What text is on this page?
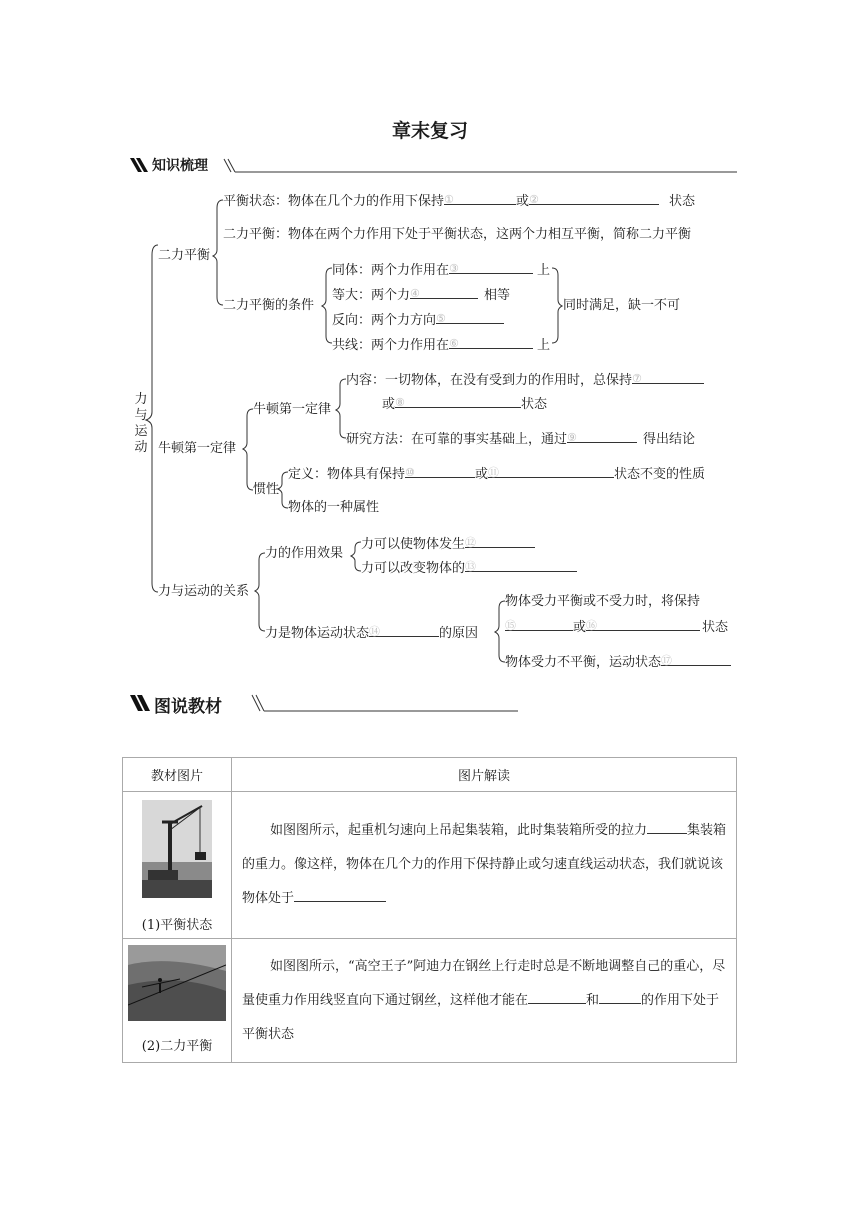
章末复习
知识梳理
力与运动
二力平衡
牛顿第一定律
力与运动的关系
平衡状态：物体在几个力的作用下保持 ①	或 ②	状态
二力平衡：物体在两个力作用下处于平衡状态，这两个力相互平衡，简称二力平衡
二力平衡的条件
同体：两个力作用在 ③	上
等大：两个力 ④	相等
反向：两个力方向 ⑤
共线：两个力作用在 ⑥	上
同时满足，缺一不可
牛顿第一定律
内容：一切物体，在没有受到力的作用时，总保持 ⑦
或 ⑧	状态
研究方法：在可靠的事实基础上，通过 ⑨	得出结论
惯性
定义：物体具有保持 ⑩	或 ⑪	状态不变的性质
物体的一种属性
力的作用效果
力可以使物体发生 ⑫
力可以改变物体的 ⑬
力是物体运动状态 ⑭	的原因
物体受力平衡或不受力时，将保持
⑮	或 ⑯	状态
物体受力不平衡，运动状态 ⑰
图说教材
教材图片	图片解读

(1)平衡状态	如图图所示，起重机匀速向上吊起集装箱，此时集装箱所受的拉力 集装箱的重力。像这样，物体在几个力的作用下保持静止或匀速直线运动状态，我们就说该物体处于

(2)二力平衡	如图图所示，“高空王子”阿迪力在钢丝上行走时总是不断地调整自己的重心，尽量使重力作用线竖直向下通过钢丝，这样他才能在 和 的作用下处于平衡状态
